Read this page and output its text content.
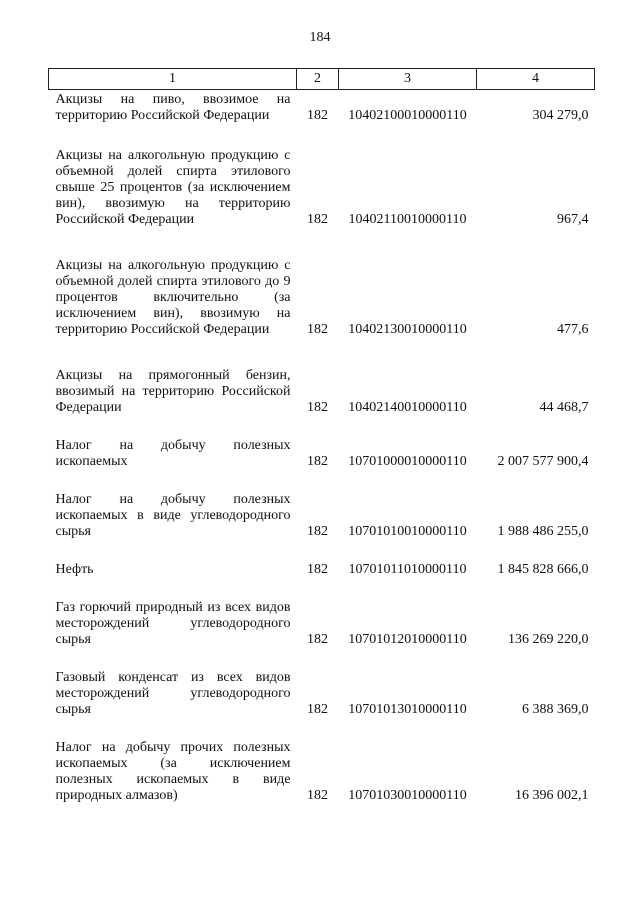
184
1	2	3	4

Акцизы на пиво, ввозимое на территорию Российской Федерации	182	10402100010000110	304 279,0

Акцизы на алкогольную продукцию с объемной долей спирта этилового свыше 25 процентов (за исключением вин), ввозимую на территорию Российской Федерации	182	10402110010000110	967,4

Акцизы на алкогольную продукцию с объемной долей спирта этилового до 9 процентов включительно (за исключением вин), ввозимую на территорию Российской Федерации	182	10402130010000110	477,6

Акцизы на прямогонный бензин, ввозимый на территорию Российской Федерации	182	10402140010000110	44 468,7

Налог на добычу полезных ископаемых	182	10701000010000110	2 007 577 900,4

Налог на добычу полезных ископаемых в виде углеводородного сырья	182	10701010010000110	1 988 486 255,0

Нефть	182	10701011010000110	1 845 828 666,0

Газ горючий природный из всех видов месторождений углеводородного сырья	182	10701012010000110	136 269 220,0

Газовый конденсат из всех видов месторождений углеводородного сырья	182	10701013010000110	6 388 369,0

Налог на добычу прочих полезных ископаемых (за исключением полезных ископаемых в виде природных алмазов)	182	10701030010000110	16 396 002,1
